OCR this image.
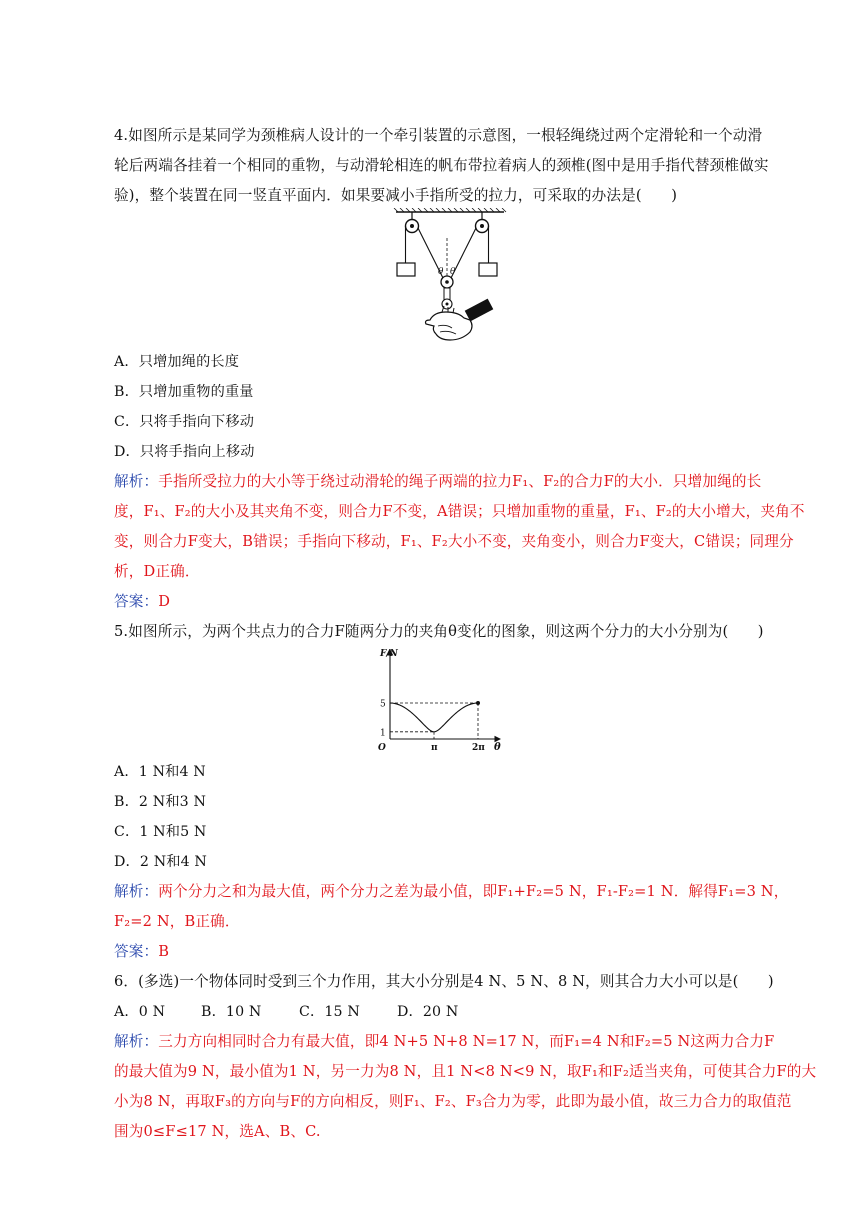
4.如图所示是某同学为颈椎病人设计的一个牵引装置的示意图，一根轻绳绕过两个定滑轮和一个动滑
轮后两端各挂着一个相同的重物，与动滑轮相连的帆布带拉着病人的颈椎(图中是用手指代替颈椎做实
验)，整个装置在同一竖直平面内．如果要减小手指所受的拉力，可采取的办法是(　　)
θ θ
A．只增加绳的长度
B．只增加重物的重量
C．只将手指向下移动
D．只将手指向上移动
解析：手指所受拉力的大小等于绕过动滑轮的绳子两端的拉力F₁、F₂的合力F的大小．只增加绳的长
度，F₁、F₂的大小及其夹角不变，则合力F不变，A错误；只增加重物的重量，F₁、F₂的大小增大，夹角不
变，则合力F变大，B错误；手指向下移动，F₁、F₂大小不变，夹角变小，则合力F变大，C错误；同理分
析，D正确．
答案：D
5.如图所示，为两个共点力的合力F随两分力的夹角θ变化的图象，则这两个分力的大小分别为(　　)
F/N
θ
5
1
O	π	2π
A．1 N和4 N
B．2 N和3 N
C．1 N和5 N
D．2 N和4 N
解析：两个分力之和为最大值，两个分力之差为最小值，即F₁+F₂=5 N，F₁-F₂=1 N．解得F₁=3 N，
F₂=2 N，B正确．
答案：B
6．(多选)一个物体同时受到三个力作用，其大小分别是4 N、5 N、8 N，则其合力大小可以是(　　)
A．0 N	B．10 N	C．15 N	D．20 N
解析：三力方向相同时合力有最大值，即4 N+5 N+8 N=17 N，而F₁=4 N和F₂=5 N这两力合力F
的最大值为9 N，最小值为1 N，另一力为8 N，且1 N<8 N<9 N，取F₁和F₂适当夹角，可使其合力F的大
小为8 N，再取F₃的方向与F的方向相反，则F₁、F₂、F₃合力为零，此即为最小值，故三力合力的取值范
围为0≤F≤17 N，选A、B、C.
